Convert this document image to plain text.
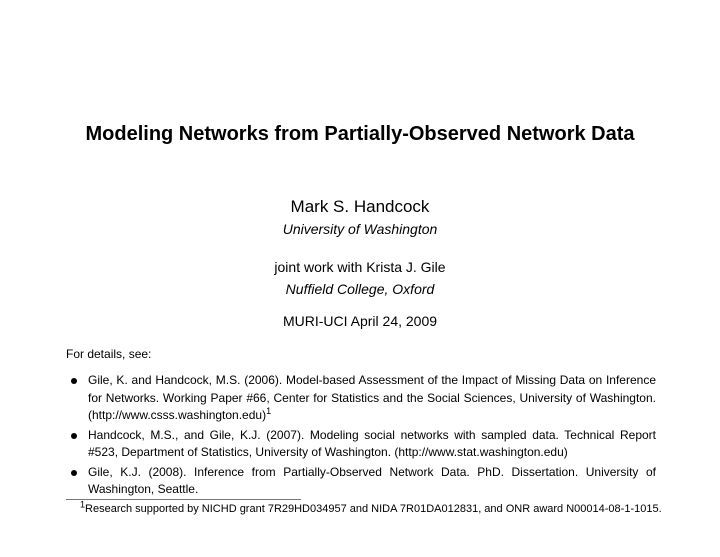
Modeling Networks from Partially-Observed Network Data
Mark S. Handcock
University of Washington
joint work with Krista J. Gile
Nuffield College, Oxford
MURI-UCI April 24, 2009
For details, see:
Gile, K. and Handcock, M.S. (2006). Model-based Assessment of the Impact of Missing Data on Inference for Networks. Working Paper #66, Center for Statistics and the Social Sciences, University of Washington. (http://www.csss.washington.edu)$^1$
Handcock, M.S., and Gile, K.J. (2007). Modeling social networks with sampled data. Technical Report #523, Department of Statistics, University of Washington. (http://www.stat.washington.edu)
Gile, K.J. (2008). Inference from Partially-Observed Network Data. PhD. Dissertation. University of Washington, Seattle.
$^1$Research supported by NICHD grant 7R29HD034957 and NIDA 7R01DA012831, and ONR award N00014-08-1-1015.
